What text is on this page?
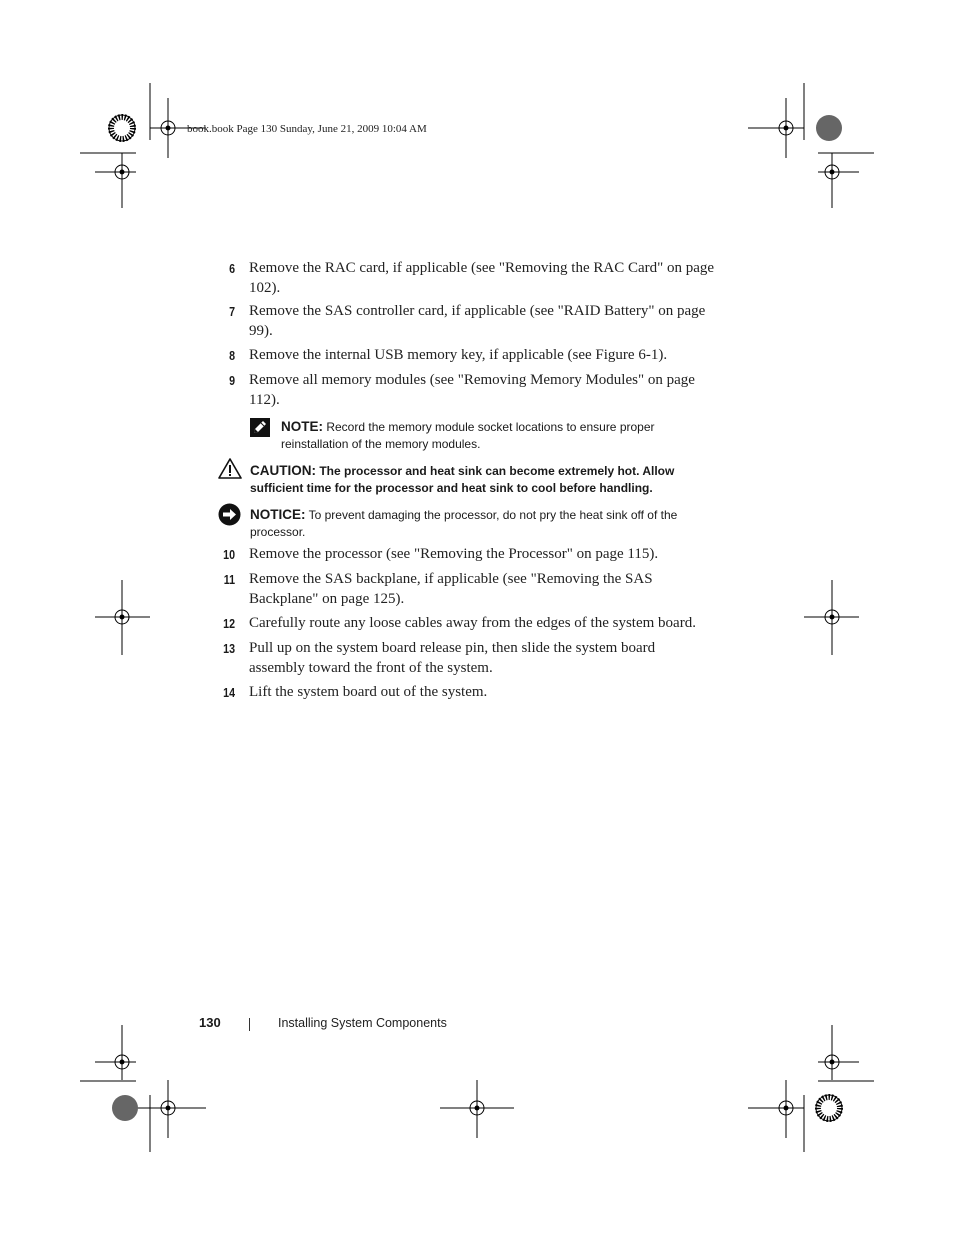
book.book Page 130 Sunday, June 21, 2009 10:04 AM
6 Remove the RAC card, if applicable (see "Removing the RAC Card" on page 102).
7 Remove the SAS controller card, if applicable (see "RAID Battery" on page 99).
8 Remove the internal USB memory key, if applicable (see Figure 6-1).
9 Remove all memory modules (see "Removing Memory Modules" on page 112).
NOTE: Record the memory module socket locations to ensure proper reinstallation of the memory modules.
CAUTION: The processor and heat sink can become extremely hot. Allow sufficient time for the processor and heat sink to cool before handling.
NOTICE: To prevent damaging the processor, do not pry the heat sink off of the processor.
10 Remove the processor (see "Removing the Processor" on page 115).
11 Remove the SAS backplane, if applicable (see "Removing the SAS Backplane" on page 125).
12 Carefully route any loose cables away from the edges of the system board.
13 Pull up on the system board release pin, then slide the system board assembly toward the front of the system.
14 Lift the system board out of the system.
130	Installing System Components
